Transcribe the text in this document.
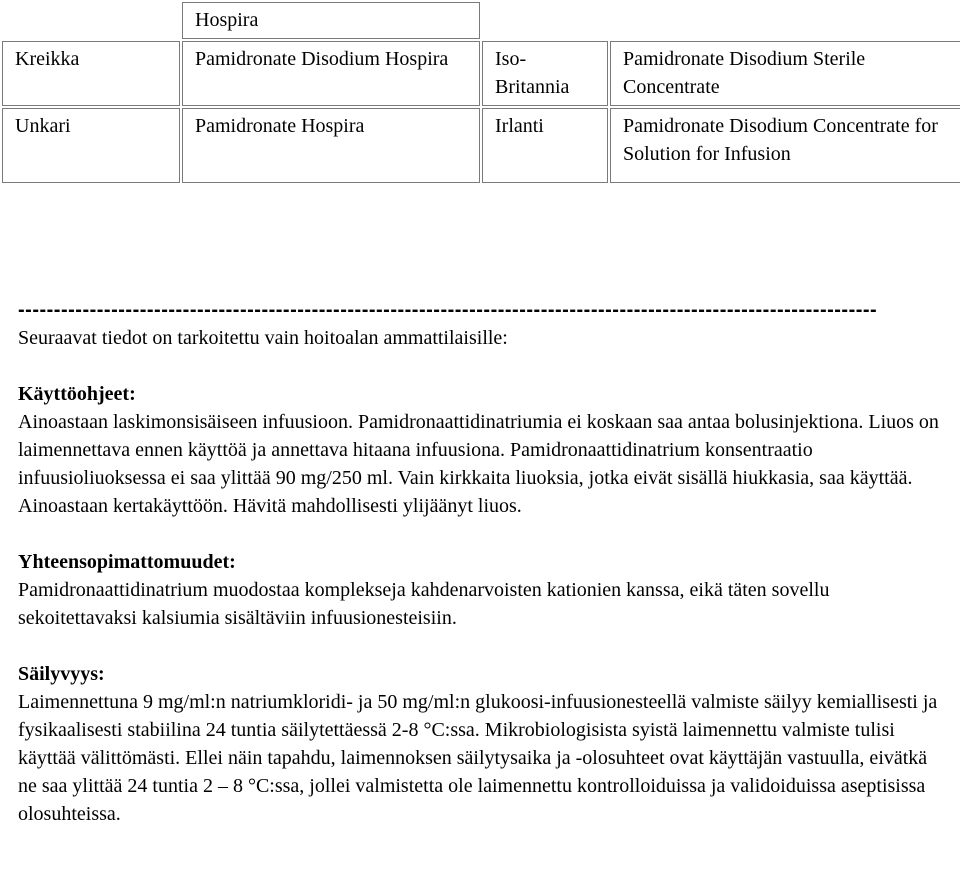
	Hospira		
Kreikka	Pamidronate Disodium Hospira	Iso-Britannia	Pamidronate Disodium Sterile Concentrate
Unkari	Pamidronate Hospira	Irlanti	Pamidronate Disodium Concentrate for Solution for Infusion
------------------------------------------------------------------------------------------------------------------------

Seuraavat tiedot on tarkoitettu vain hoitoalan ammattilaisille:

Käyttöohjeet:

Ainoastaan laskimonsisäiseen infuusioon. Pamidronaattidinatriumia ei koskaan saa antaa bolusinjektiona. Liuos on laimennettava ennen käyttöä ja annettava hitaana infuusiona. Pamidronaattidinatrium konsentraatio infuusioliuoksessa ei saa ylittää 90 mg/250 ml. Vain kirkkaita liuoksia, jotka eivät sisällä hiukkasia, saa käyttää. Ainoastaan kertakäyttöön. Hävitä mahdollisesti ylijäänyt liuos.

Yhteensopimattomuudet:

Pamidronaattidinatrium muodostaa komplekseja kahdenarvoisten kationien kanssa, eikä täten sovellu sekoitettavaksi kalsiumia sisältäviin infuusionesteisiin.

Säilyvyys:

Laimennettuna 9 mg/ml:n natriumkloridi- ja 50 mg/ml:n glukoosi-infuusionesteellä valmiste säilyy kemiallisesti ja fysikaalisesti stabiilina 24 tuntia säilytettäessä 2-8 °C:ssa. Mikrobiologisista syistä laimennettu valmiste tulisi käyttää välittömästi. Ellei näin tapahdu, laimennoksen säilytysaika ja -olosuhteet ovat käyttäjän vastuulla, eivätkä ne saa ylittää 24 tuntia 2 – 8 °C:ssa, jollei valmistetta ole laimennettu kontrolloiduissa ja validoiduissa aseptisissa olosuhteissa.
